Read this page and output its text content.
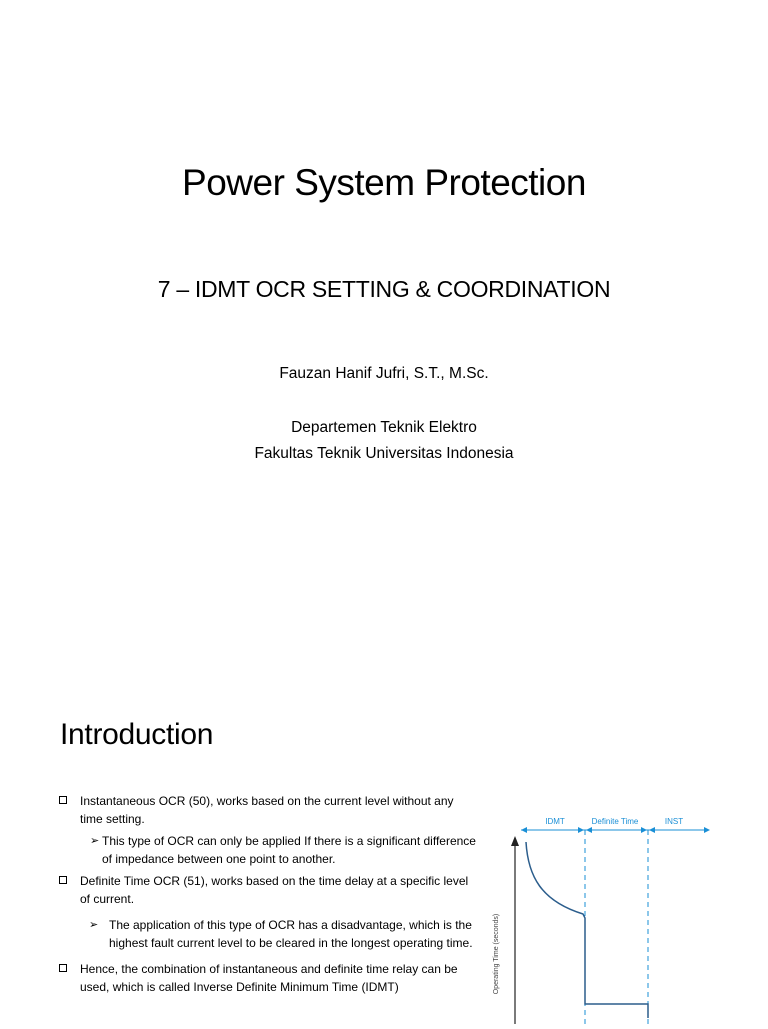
Power System Protection
7 – IDMT OCR SETTING & COORDINATION
Fauzan Hanif Jufri, S.T., M.Sc.
Departemen Teknik Elektro
Fakultas Teknik Universitas Indonesia
Introduction

Instantaneous OCR (50), works based on the current level without any time setting.

➢ This type of OCR can only be applied If there is a significant difference of impedance between one point to another.

Definite Time OCR (51), works based on the time delay at a specific level of current.

➢ The application of this type of OCR has a disadvantage, which is the highest fault current level to be cleared in the longest operating time.

Hence, the combination of instantaneous and definite time relay can be used, which is called Inverse Definite Minimum Time (IDMT)

IDMT	Definite Time	INST
Operating Time (seconds)
